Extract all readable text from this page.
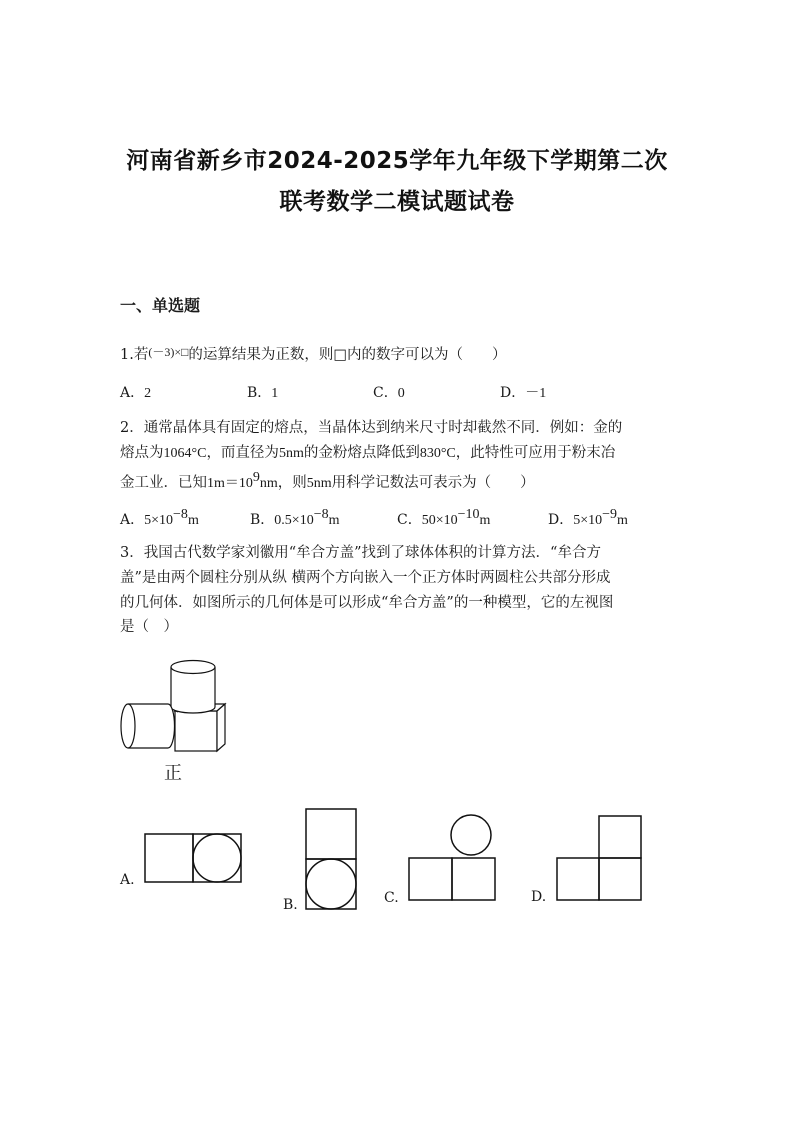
河南省新乡市2024-2025学年九年级下学期第二次
联考数学二模试题试卷
一、单选题
1.若$^{(-3)\times□}$的运算结果为正数，则□内的数字可以为（　　）
A．2	B．1	C．0	D．－1
2．通常晶体具有固定的熔点，当晶体达到纳米尺寸时却截然不同．例如：金的
熔点为1064°C，而直径为5nm的金粉熔点降低到830°C，此特性可应用于粉末冶
金工业．已知$1m=10^9nm$，则5nm用科学记数法可表示为（　　）
A．$5\times 10^{-8}m$	B．$0.5\times 10^{-8}m$	C．$50\times 10^{-10}m$	D．$5\times 10^{-9}m$
3．我国古代数学家刘徽用“牟合方盖”找到了球体体积的计算方法．“牟合方
盖”是由两个圆柱分别从纵 横两个方向嵌入一个正方体时两圆柱公共部分形成
的几何体．如图所示的几何体是可以形成“牟合方盖”的一种模型，它的左视图
是（　）
正
A.
B.	C.	D.
